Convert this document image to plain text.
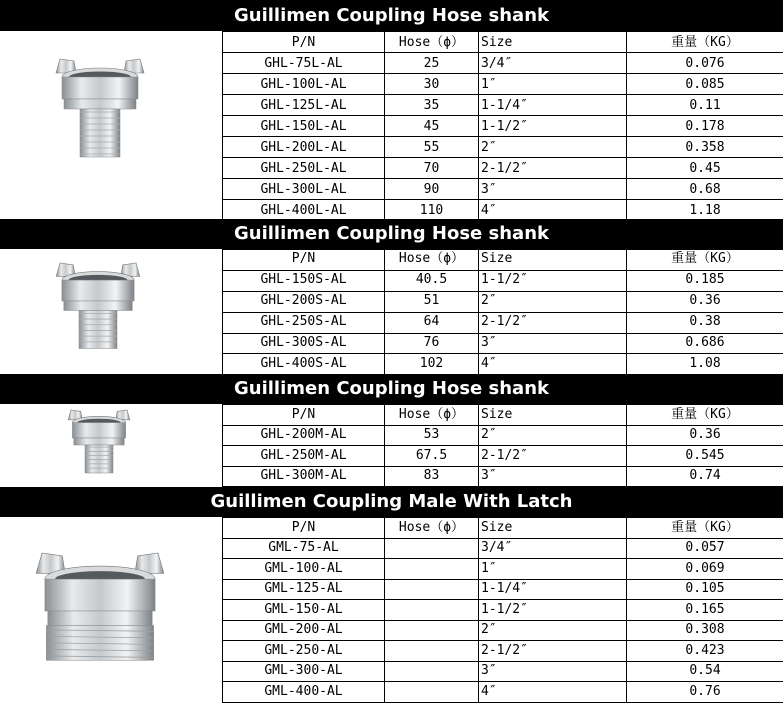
Guillimen Coupling Hose shank
P/N	Hose（ϕ）	Size	重量（KG）
GHL-75L-AL	25	3/4″	0.076
GHL-100L-AL	30	1″	0.085
GHL-125L-AL	35	1-1/4″	0.11
GHL-150L-AL	45	1-1/2″	0.178
GHL-200L-AL	55	2″	0.358
GHL-250L-AL	70	2-1/2″	0.45
GHL-300L-AL	90	3″	0.68
GHL-400L-AL	110	4″	1.18
Guillimen Coupling Hose shank
P/N	Hose（ϕ）	Size	重量（KG）
GHL-150S-AL	40.5	1-1/2″	0.185
GHL-200S-AL	51	2″	0.36
GHL-250S-AL	64	2-1/2″	0.38
GHL-300S-AL	76	3″	0.686
GHL-400S-AL	102	4″	1.08
Guillimen Coupling Hose shank
P/N	Hose（ϕ）	Size	重量（KG）
GHL-200M-AL	53	2″	0.36
GHL-250M-AL	67.5	2-1/2″	0.545
GHL-300M-AL	83	3″	0.74
Guillimen Coupling Male With Latch
P/N	Hose（ϕ）	Size	重量（KG）
GML-75-AL		3/4″	0.057
GML-100-AL		1″	0.069
GML-125-AL		1-1/4″	0.105
GML-150-AL		1-1/2″	0.165
GML-200-AL		2″	0.308
GML-250-AL		2-1/2″	0.423
GML-300-AL		3″	0.54
GML-400-AL		4″	0.76
